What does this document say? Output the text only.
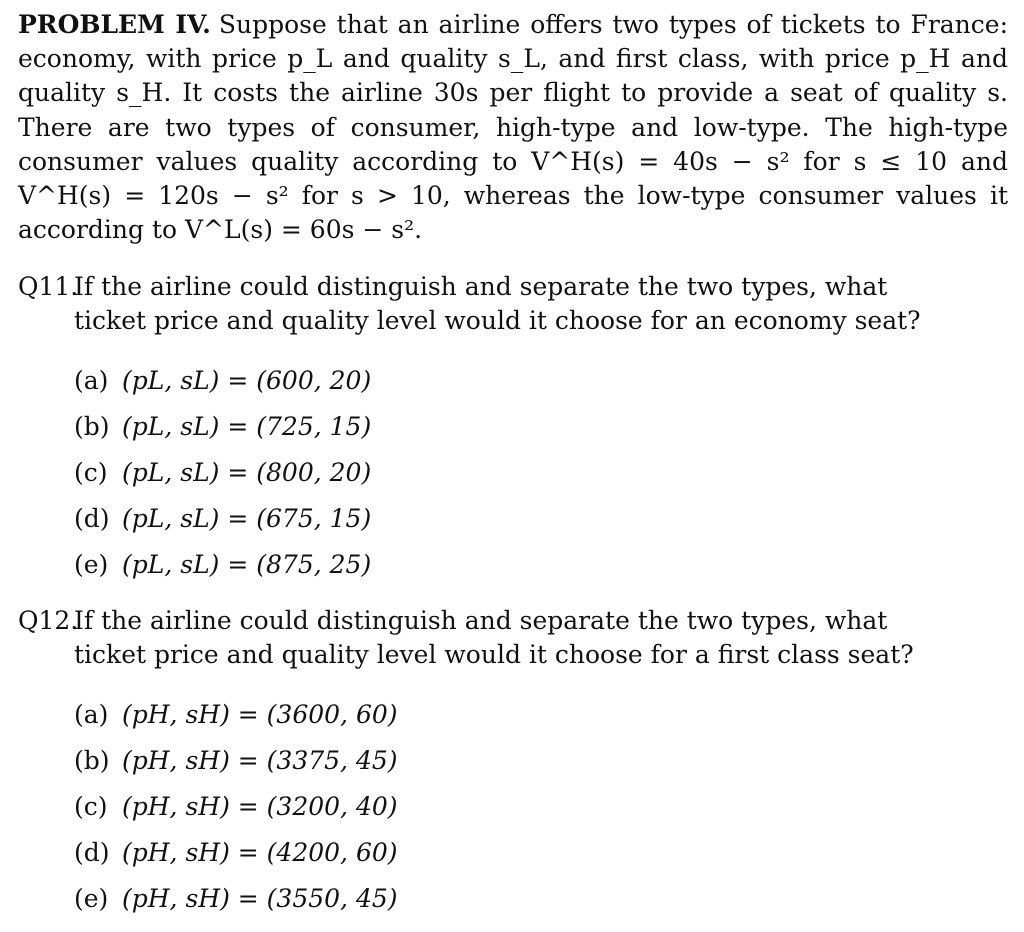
PROBLEM IV. Suppose that an airline offers two types of tickets to France: economy, with price p_L and quality s_L, and first class, with price p_H and quality s_H. It costs the airline 30s per flight to provide a seat of quality s. There are two types of consumer, high-type and low-type. The high-type consumer values quality according to V^H(s) = 40s − s² for s ≤ 10 and V^H(s) = 120s − s² for s > 10, whereas the low-type consumer values it according to V^L(s) = 60s − s².

Q11.
If the airline could distinguish and separate the two types, what ticket price and quality level would it choose for an economy seat?
(a) (pL, sL) = (600, 20)
(b) (pL, sL) = (725, 15)
(c) (pL, sL) = (800, 20)
(d) (pL, sL) = (675, 15)
(e) (pL, sL) = (875, 25)
Q12.
If the airline could distinguish and separate the two types, what ticket price and quality level would it choose for a first class seat?
(a) (pH, sH) = (3600, 60)
(b) (pH, sH) = (3375, 45)
(c) (pH, sH) = (3200, 40)
(d) (pH, sH) = (4200, 60)
(e) (pH, sH) = (3550, 45)
